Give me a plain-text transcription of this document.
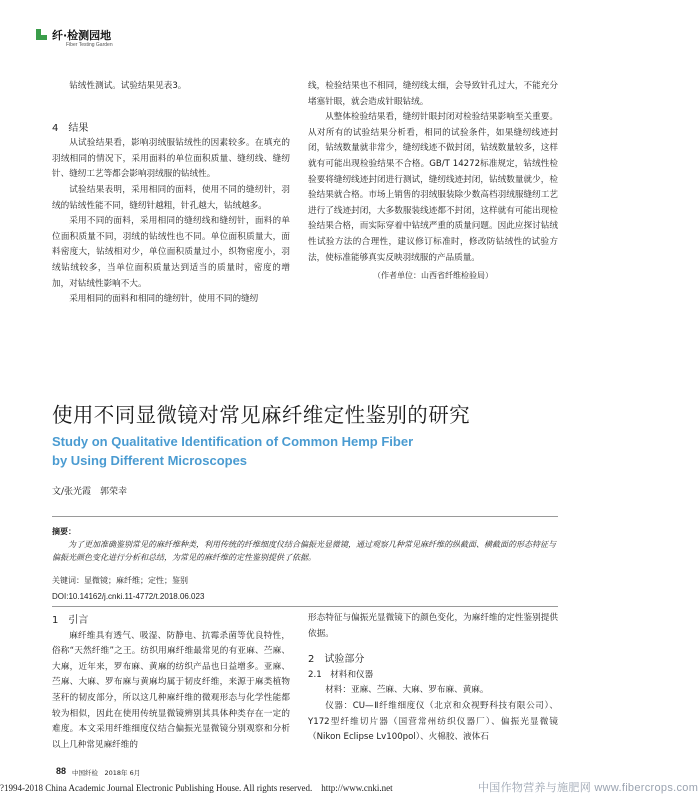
纤·检测园地
Fiber Testing Garden

钻绒性测试。试验结果见表3。

4　结果

从试验结果看，影响羽绒服钻绒性的因素较多。在填充的羽绒相同的情况下，采用面料的单位面积质量、缝纫线、缝纫针、缝纫工艺等都会影响羽绒服的钻绒性。

试验结果表明，采用相同的面料，使用不同的缝纫针，羽绒的钻绒性能不同，缝纫针越粗，针孔越大，钻绒越多。

采用不同的面料，采用相同的缝纫线和缝纫针，面料的单位面积质量不同，羽绒的钻绒性也不同。单位面积质量大，面料密度大，钻绒相对少，单位面积质量过小，织物密度小，羽绒钻绒较多，当单位面积质量达到适当的质量时，密度的增加，对钻绒性影响不大。

采用相同的面料和相同的缝纫针，使用不同的缝纫

线，检验结果也不相同，缝纫线太细，会导致针孔过大，不能充分堵塞针眼，就会造成针眼钻绒。

从整体检验结果看，缝纫针眼封闭对检验结果影响至关重要。从对所有的试验结果分析看，相同的试验条件，如果缝纫线迹封闭，钻绒数量就非常少，缝纫线迹不做封闭，钻绒数量较多，这样就有可能出现检验结果不合格。GB/T 14272标准规定，钻绒性检验要将缝纫线迹封闭进行测试，缝纫线迹封闭，钻绒数量就少，检验结果就合格。市场上销售的羽绒服装除少数高档羽绒服缝纫工艺进行了线迹封闭，大多数服装线迹都不封闭，这样就有可能出现检验结果合格，而实际穿着中钻绒严重的质量问题。因此应探讨钻绒性试验方法的合理性，建议修订标准时，修改防钻绒性的试验方法，使标准能够真实反映羽绒服的产品质量。

（作者单位：山西省纤维检验局）

使用不同显微镜对常见麻纤维定性鉴别的研究
Study on Qualitative Identification of Common Hemp Fiber
by Using Different Microscopes
文/张光霞　郭荣幸
摘要：
为了更加准确鉴别常见的麻纤维种类，利用传统的纤维细度仪结合偏振光显微镜，通过观察几种常见麻纤维的纵截面、横截面的形态特征与偏振光颜色变化进行分析和总结，为常见的麻纤维的定性鉴别提供了依据。
关键词：显微镜；麻纤维；定性；鉴别
DOI:10.14162/j.cnki.11-4772/t.2018.06.023

1　引言

麻纤维具有透气、吸湿、防静电、抗霉杀菌等优良特性，俗称“天然纤维”之王。纺织用麻纤维最常见的有亚麻、苎麻、大麻，近年来，罗布麻、黄麻的纺织产品也日益增多。亚麻、苎麻、大麻、罗布麻与黄麻均属于韧皮纤维，来源于麻类植物茎秆的韧皮部分，所以这几种麻纤维的微观形态与化学性能都较为相似，因此在使用传统显微镜辨别其具体种类存在一定的难度。本文采用纤维细度仪结合偏振光显微镜分别观察和分析以上几种常见麻纤维的

形态特征与偏振光显微镜下的颜色变化，为麻纤维的定性鉴别提供依据。

2　试验部分

2.1　材料和仪器

材料：亚麻、苎麻、大麻、罗布麻、黄麻。

仪器：CU—Ⅱ纤维细度仪（北京和众视野科技有限公司）、Y172型纤维切片器（国营常州纺织仪器厂）、偏振光显微镜（Nikon Eclipse Lv100pol）、火棉胶、液体石

88 中国纤检　2018年 6月
?1994-2018 China Academic Journal Electronic Publishing House. All rights reserved.　http://www.cnki.net	中国作物营养与施肥网 www.fibercrops.com
